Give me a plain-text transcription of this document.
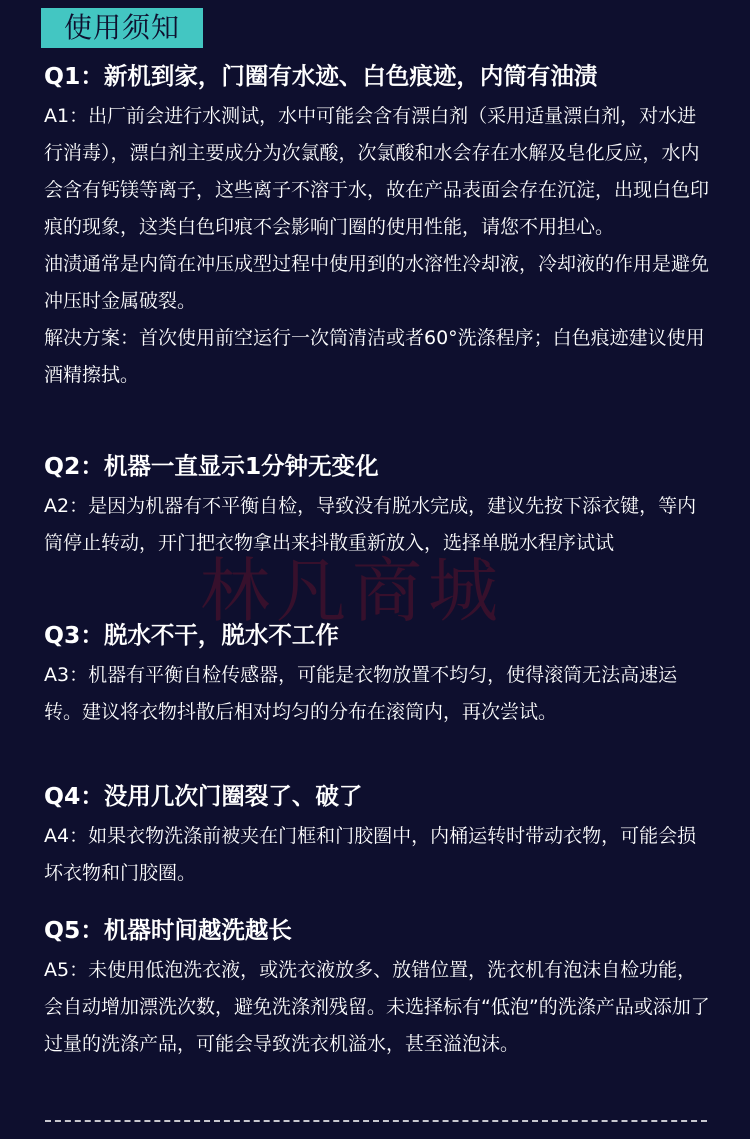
使用须知
Q1：新机到家，门圈有水迹、白色痕迹，内筒有油渍

A1：出厂前会进行水测试，水中可能会含有漂白剂（采用适量漂白剂，对水进行消毒），漂白剂主要成分为次氯酸，次氯酸和水会存在水解及皂化反应，水内会含有钙镁等离子，这些离子不溶于水，故在产品表面会存在沉淀，出现白色印痕的现象，这类白色印痕不会影响门圈的使用性能，请您不用担心。

油渍通常是内筒在冲压成型过程中使用到的水溶性冷却液，冷却液的作用是避免冲压时金属破裂。

解决方案：首次使用前空运行一次筒清洁或者60°洗涤程序；白色痕迹建议使用酒精擦拭。

Q2：机器一直显示1分钟无变化

A2：是因为机器有不平衡自检，导致没有脱水完成，建议先按下添衣键，等内筒停止转动，开门把衣物拿出来抖散重新放入，选择单脱水程序试试

Q3：脱水不干，脱水不工作

A3：机器有平衡自检传感器，可能是衣物放置不均匀，使得滚筒无法高速运转。建议将衣物抖散后相对均匀的分布在滚筒内，再次尝试。

Q4：没用几次门圈裂了、破了

A4：如果衣物洗涤前被夹在门框和门胶圈中，内桶运转时带动衣物，可能会损坏衣物和门胶圈。

Q5：机器时间越洗越长

A5：未使用低泡洗衣液，或洗衣液放多、放错位置，洗衣机有泡沫自检功能，会自动增加漂洗次数，避免洗涤剂残留。未选择标有“低泡”的洗涤产品或添加了过量的洗涤产品，可能会导致洗衣机溢水，甚至溢泡沫。

林凡商城
